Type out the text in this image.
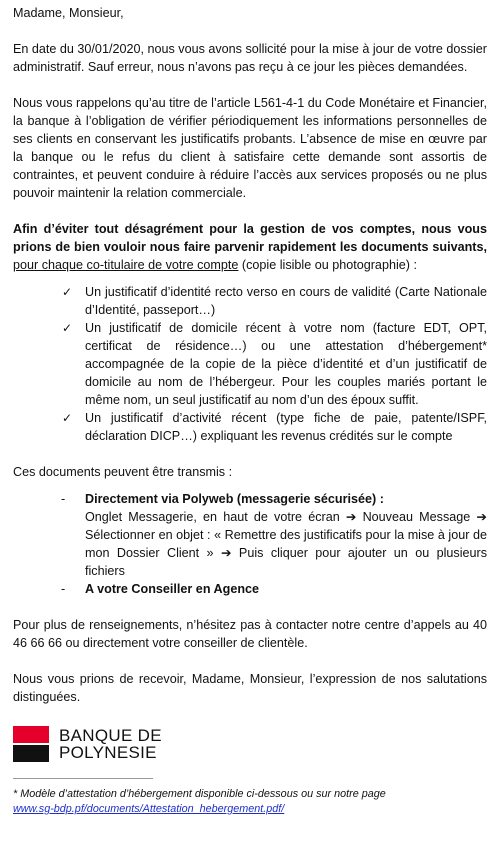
Madame, Monsieur,

En date du 30/01/2020, nous vous avons sollicité pour la mise à jour de votre dossier administratif. Sauf erreur, nous n’avons pas reçu à ce jour les pièces demandées.

Nous vous rappelons qu’au titre de l’article L561-4-1 du Code Monétaire et Financier, la banque à l’obligation de vérifier périodiquement les informations personnelles de ses clients en conservant les justificatifs probants. L’absence de mise en œuvre par la banque ou le refus du client à satisfaire cette demande sont assortis de contraintes, et peuvent conduire à réduire l’accès aux services proposés ou ne plus pouvoir maintenir la relation commerciale.

Afin d’éviter tout désagrément pour la gestion de vos comptes, nous vous prions de bien vouloir nous faire parvenir rapidement les documents suivants, pour chaque co-titulaire de votre compte (copie lisible ou photographie) :

✓ Un justificatif d’identité recto verso en cours de validité (Carte Nationale d’Identité, passeport…)
✓ Un justificatif de domicile récent à votre nom (facture EDT, OPT, certificat de résidence…) ou une attestation d’hébergement* accompagnée de la copie de la pièce d’identité et d’un justificatif de domicile au nom de l’hébergeur. Pour les couples mariés portant le même nom, un seul justificatif au nom d’un des époux suffit.
✓ Un justificatif d’activité récent (type fiche de paie, patente/ISPF, déclaration DICP…) expliquant les revenus crédités sur le compte

Ces documents peuvent être transmis :

- Directement via Polyweb (messagerie sécurisée) :
Onglet Messagerie, en haut de votre écran ➔ Nouveau Message ➔ Sélectionner en objet : « Remettre des justificatifs pour la mise à jour de mon Dossier Client » ➔ Puis cliquer pour ajouter un ou plusieurs fichiers
- A votre Conseiller en Agence

Pour plus de renseignements, n’hésitez pas à contacter notre centre d’appels au 40 46 66 66 ou directement votre conseiller de clientèle.

Nous vous prions de recevoir, Madame, Monsieur, l’expression de nos salutations distinguées.

BANQUE DE
POLYNESIE
* Modèle d’attestation d’hébergement disponible ci-dessous ou sur notre page
www.sg-bdp.pf/documents/Attestation_hebergement.pdf/
